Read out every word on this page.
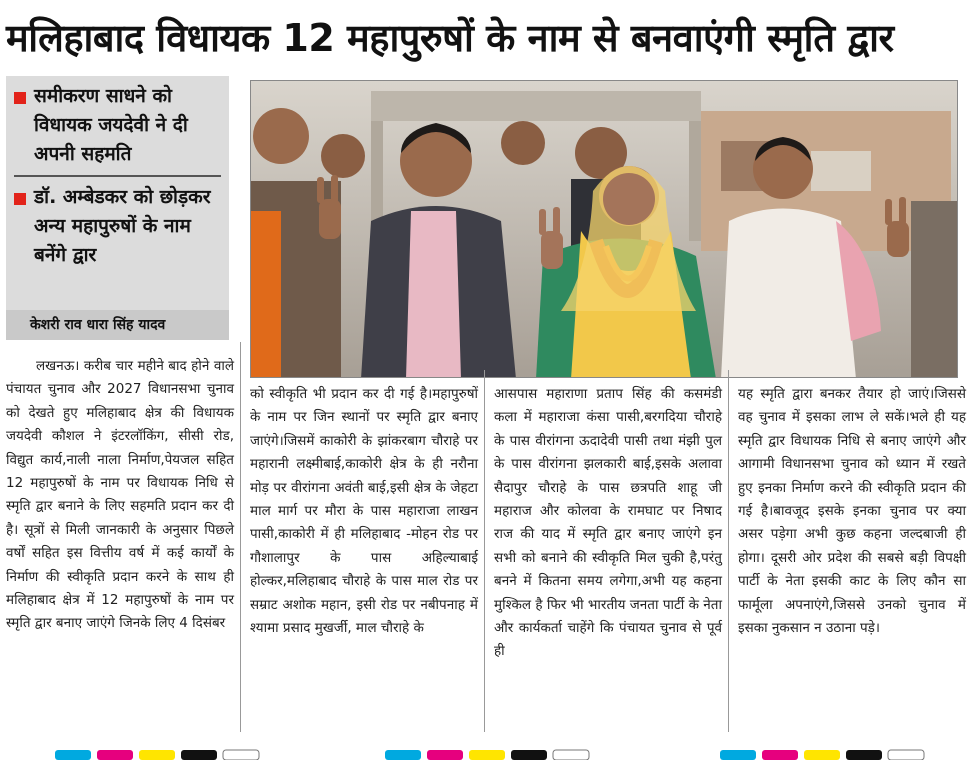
मलिहाबाद विधायक 12 महापुरुषों के नाम से बनवाएंगी स्मृति द्वार
समीकरण साधने को विधायक जयदेवी ने दी अपनी सहमति
डॉ. अम्बेडकर को छोड़कर अन्य महापुरुषों के नाम बनेंगे द्वार
केशरी राव धारा सिंह यादव

लखनऊ। करीब चार महीने बाद होने वाले पंचायत चुनाव और 2027 विधानसभा चुनाव को देखते हुए मलिहाबाद क्षेत्र की विधायक जयदेवी कौशल ने इंटरलॉकिंग, सीसी रोड, विद्युत कार्य,नाली नाला निर्माण,पेयजल सहित 12 महापुरुषों के नाम पर विधायक निधि से स्मृति द्वार बनाने के लिए सहमति प्रदान कर दी है। सूत्रों से मिली जानकारी के अनुसार पिछले वर्षों सहित इस वित्तीय वर्ष में कई कार्यों के निर्माण की स्वीकृति प्रदान करने के साथ ही मलिहाबाद क्षेत्र में 12 महापुरुषों के नाम पर स्मृति द्वार बनाए जाएंगे जिनके लिए 4 दिसंबर

को स्वीकृति भी प्रदान कर दी गई है।महापुरुषों के नाम पर जिन स्थानों पर स्मृति द्वार बनाए जाएंगे।जिसमें काकोरी के झांकरबाग चौराहे पर महारानी लक्ष्मीबाई,काकोरी क्षेत्र के ही नरौना मोड़ पर वीरांगना अवंती बाई,इसी क्षेत्र के जेहटा माल मार्ग पर मौरा के पास महाराजा लाखन पासी,काकोरी में ही मलिहाबाद -मोहन रोड पर गौशालापुर के पास अहिल्याबाई होल्कर,मलिहाबाद चौराहे के पास माल रोड पर सम्राट अशोक महान, इसी रोड पर नबीपनाह में श्यामा प्रसाद मुखर्जी, माल चौराहे के
आसपास महाराणा प्रताप सिंह की कसमंडी कला में महाराजा कंसा पासी,बरगदिया चौराहे के पास वीरांगना ऊदादेवी पासी तथा मंझी पुल के पास वीरांगना झलकारी बाई,इसके अलावा सैदापुर चौराहे के पास छत्रपति शाहू जी महाराज और कोलवा के रामघाट पर निषाद राज की याद में स्मृति द्वार बनाए जाएंगे इन सभी को बनाने की स्वीकृति मिल चुकी है,परंतु बनने में कितना समय लगेगा,अभी यह कहना मुश्किल है फिर भी भारतीय जनता पार्टी के नेता और कार्यकर्ता चाहेंगे कि पंचायत चुनाव से पूर्व ही
यह स्मृति द्वारा बनकर तैयार हो जाएं।जिससे वह चुनाव में इसका लाभ ले सकें।भले ही यह स्मृति द्वार विधायक निधि से बनाए जाएंगे और आगामी विधानसभा चुनाव को ध्यान में रखते हुए इनका निर्माण करने की स्वीकृति प्रदान की गई है।बावजूद इसके इनका चुनाव पर क्या असर पड़ेगा अभी कुछ कहना जल्दबाजी ही होगा। दूसरी ओर प्रदेश की सबसे बड़ी विपक्षी पार्टी के नेता इसकी काट के लिए कौन सा फार्मूला अपनाएंगे,जिससे उनको चुनाव में इसका नुकसान न उठाना पड़े।
